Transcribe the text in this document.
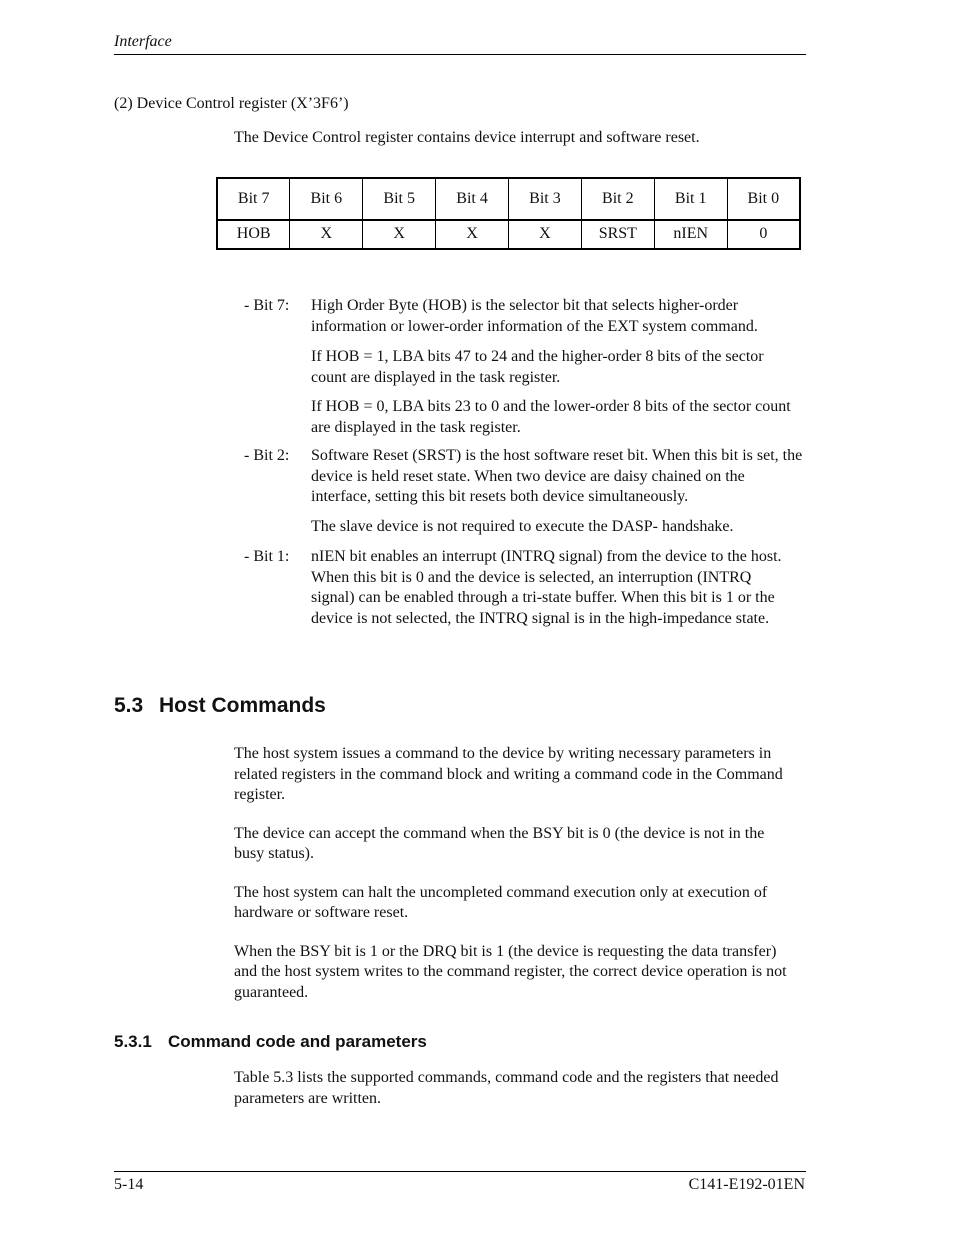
Interface
(2) Device Control register (X’3F6’)
The Device Control register contains device interrupt and software reset.
Bit 7	Bit 6	Bit 5	Bit 4	Bit 3	Bit 2	Bit 1	Bit 0
HOB	X	X	X	X	SRST	nIEN	0
- Bit 7: High Order Byte (HOB) is the selector bit that selects higher-order information or lower-order information of the EXT system command.

If HOB = 1, LBA bits 47 to 24 and the higher-order 8 bits of the sector count are displayed in the task register.

If HOB = 0, LBA bits 23 to 0 and the lower-order 8 bits of the sector count are displayed in the task register.

- Bit 2: Software Reset (SRST) is the host software reset bit. When this bit is set, the device is held reset state. When two device are daisy chained on the interface, setting this bit resets both device simultaneously.

The slave device is not required to execute the DASP- handshake.

- Bit 1: nIEN bit enables an interrupt (INTRQ signal) from the device to the host. When this bit is 0 and the device is selected, an interruption (INTRQ signal) can be enabled through a tri-state buffer. When this bit is 1 or the device is not selected, the INTRQ signal is in the high-impedance state.

5.3 Host Commands

The host system issues a command to the device by writing necessary parameters in related registers in the command block and writing a command code in the Command register.

The device can accept the command when the BSY bit is 0 (the device is not in the busy status).

The host system can halt the uncompleted command execution only at execution of hardware or software reset.

When the BSY bit is 1 or the DRQ bit is 1 (the device is requesting the data transfer) and the host system writes to the command register, the correct device operation is not guaranteed.

5.3.1 Command code and parameters

Table 5.3 lists the supported commands, command code and the registers that needed parameters are written.

5-14	C141-E192-01EN
